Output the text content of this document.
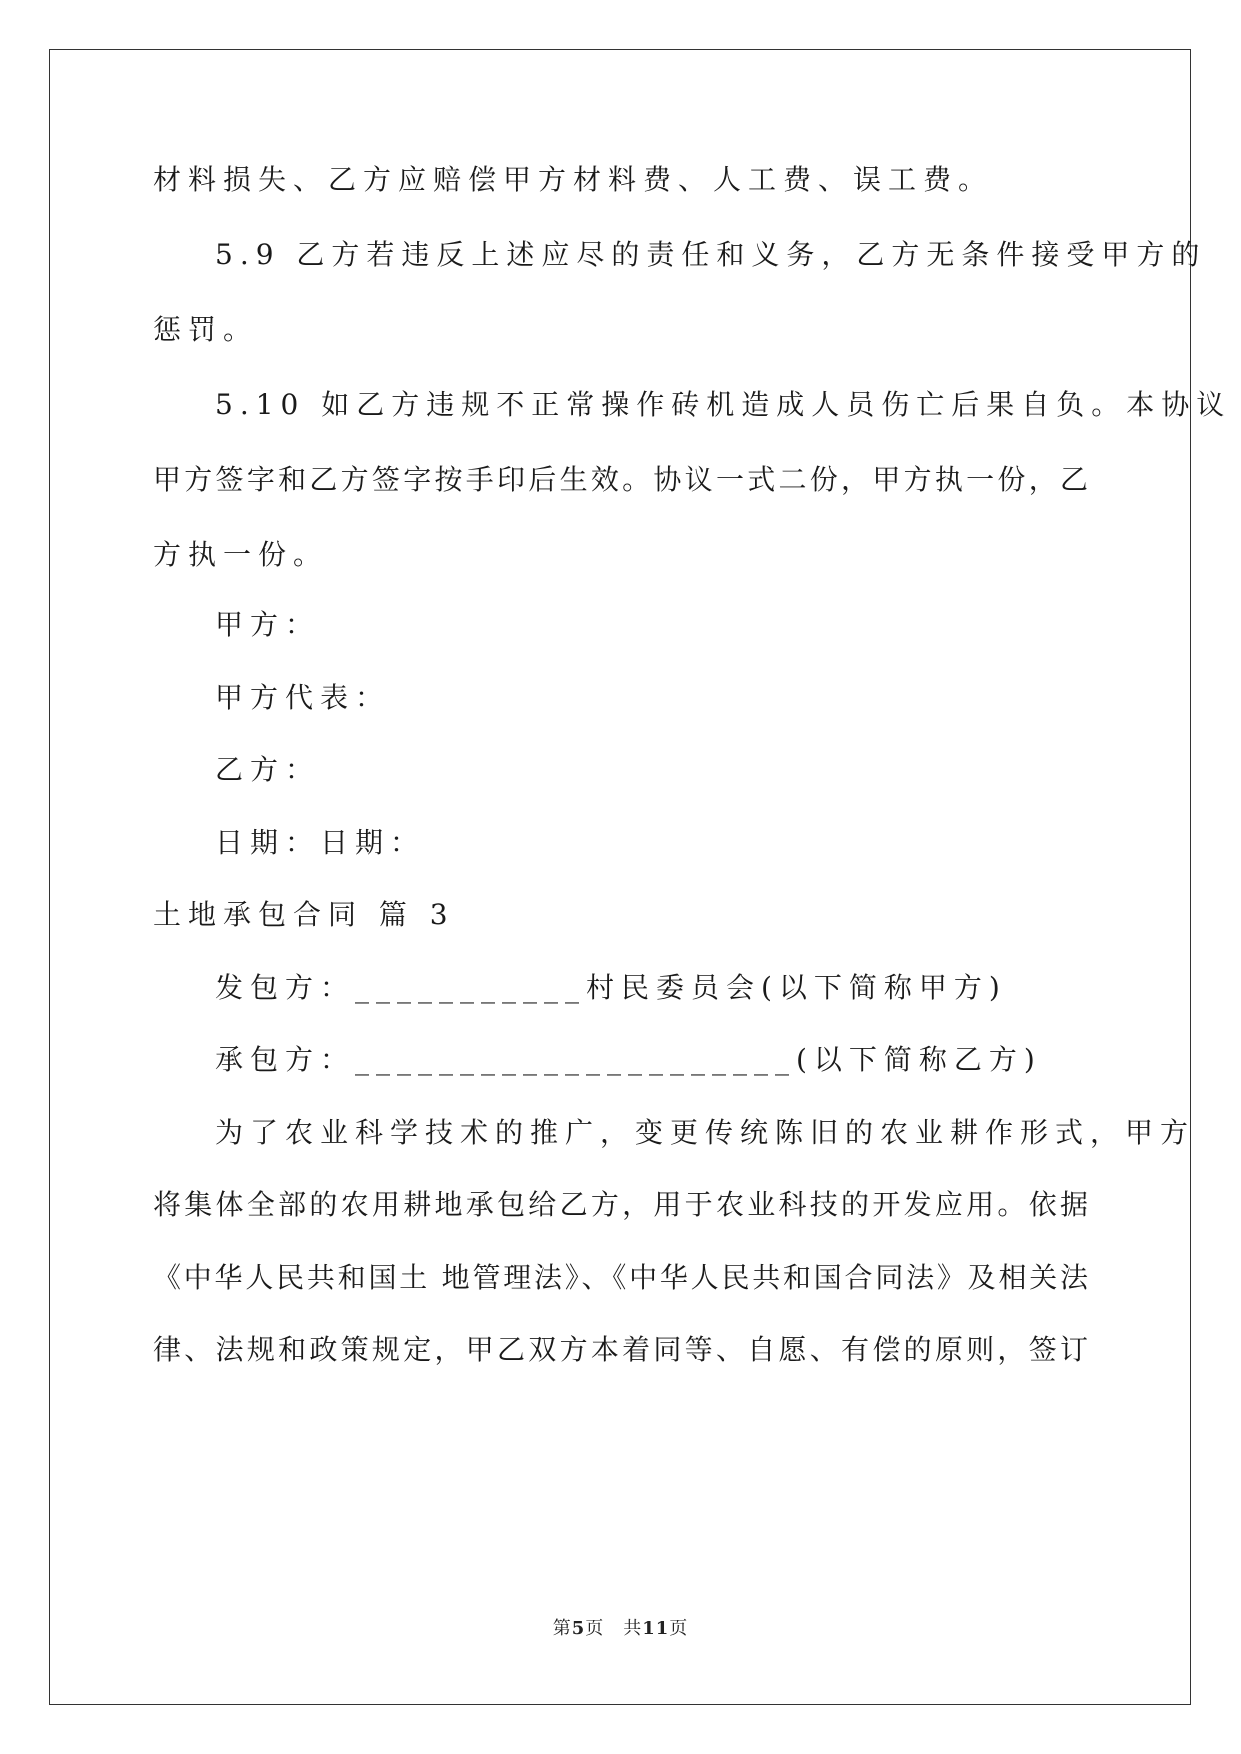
材料损失、乙方应赔偿甲方材料费、人工费、误工费。
5.9 乙方若违反上述应尽的责任和义务，乙方无条件接受甲方的
惩罚。
5.10 如乙方违规不正常操作砖机造成人员伤亡后果自负。本协议
甲方签字和乙方签字按手印后生效。协议一式二份，甲方执一份，乙
方执一份。
甲方：
甲方代表：
乙方：
日期：日期：
土地承包合同 篇 3
发包方：___________村民委员会(以下简称甲方)
承包方：_____________________(以下简称乙方)
为了农业科学技术的推广，变更传统陈旧的农业耕作形式，甲方
将集体全部的农用耕地承包给乙方，用于农业科技的开发应用。依据
《中华人民共和国土 地管理法》、《中华人民共和国合同法》及相关法
律、法规和政策规定，甲乙双方本着同等、自愿、有偿的原则，签订
第5页　共11页
